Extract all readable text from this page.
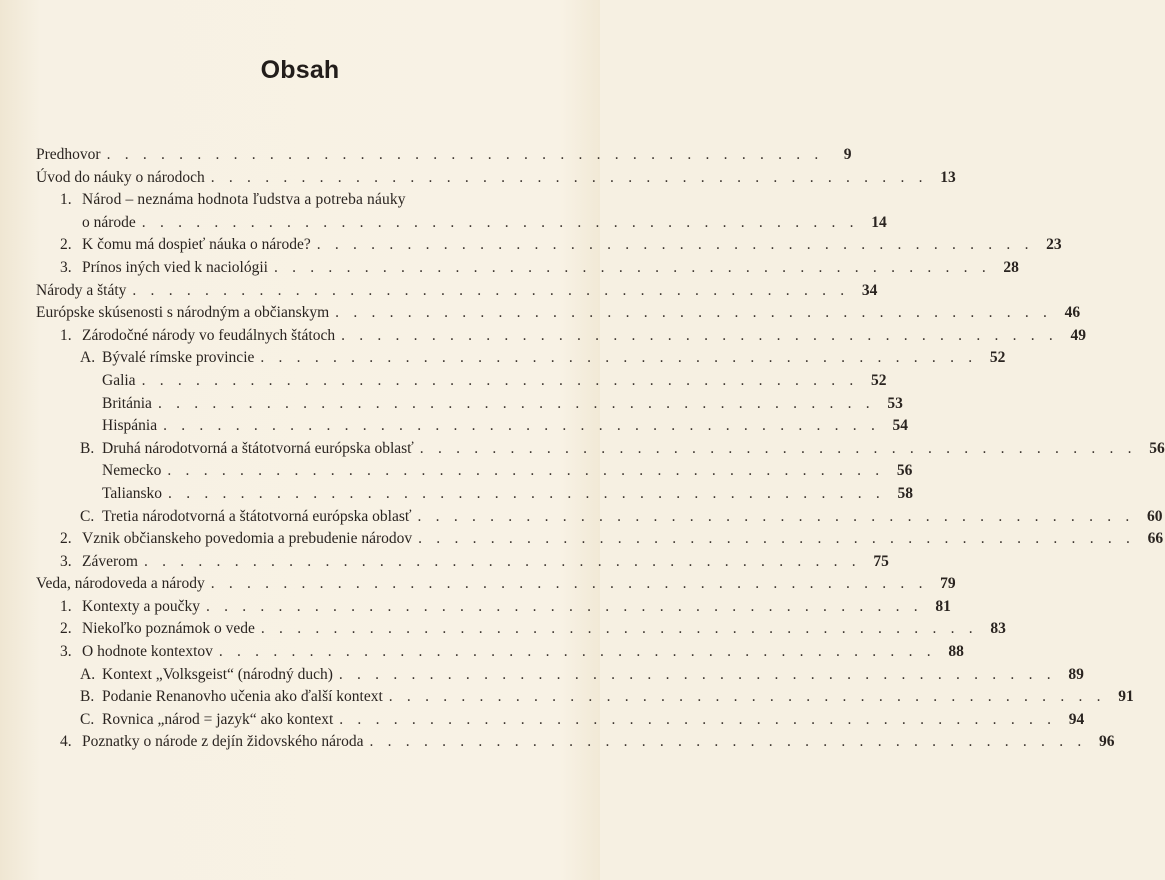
Obsah
Predhovor . . . . . . . . . . . . . . . . . . . . . . . . . . . . . . . . . . . . . . . .	9
Úvod do náuky o národoch . . . . . . . . . . . . . . . . . . . . . . . . . . . . . . . . . . . . . . . . 13
1. Národ – neznáma hodnota ľudstva a potreba náuky
o národe . . . . . . . . . . . . . . . . . . . . . . . . . . . . . . . . . . . . . . . . 14
2. K čomu má dospieť náuka o národe? . . . . . . . . . . . . . . . . . . . . . . . . . . . . . . . . . . . . . . . . 23
3. Prínos iných vied k naciológii . . . . . . . . . . . . . . . . . . . . . . . . . . . . . . . . . . . . . . . . 28
Národy a štáty . . . . . . . . . . . . . . . . . . . . . . . . . . . . . . . . . . . . . . . . 34
Európske skúsenosti s národným a občianskym . . . . . . . . . . . . . . . . . . . . . . . . . . . . . . . . . . . . . . . . 46
1. Zárodočné národy vo feudálnych štátoch . . . . . . . . . . . . . . . . . . . . . . . . . . . . . . . . . . . . . . . . 49
A. Bývalé rímske provincie . . . . . . . . . . . . . . . . . . . . . . . . . . . . . . . . . . . . . . . . 52
Galia . . . . . . . . . . . . . . . . . . . . . . . . . . . . . . . . . . . . . . . . 52
Británia . . . . . . . . . . . . . . . . . . . . . . . . . . . . . . . . . . . . . . . . 53
Hispánia . . . . . . . . . . . . . . . . . . . . . . . . . . . . . . . . . . . . . . . . 54
B. Druhá národotvorná a štátotvorná európska oblasť . . . . . . . . . . . . . . . . . . . . . . . . . . . . . . . . . . . . . . . . 56
Nemecko . . . . . . . . . . . . . . . . . . . . . . . . . . . . . . . . . . . . . . . . 56
Taliansko . . . . . . . . . . . . . . . . . . . . . . . . . . . . . . . . . . . . . . . . 58
C. Tretia národotvorná a štátotvorná európska oblasť . . . . . . . . . . . . . . . . . . . . . . . . . . . . . . . . . . . . . . . . 60
2. Vznik občianskeho povedomia a prebudenie národov . . . . . . . . . . . . . . . . . . . . . . . . . . . . . . . . . . . . . . . . 66
3. Záverom . . . . . . . . . . . . . . . . . . . . . . . . . . . . . . . . . . . . . . . . 75
Veda, národoveda a národy . . . . . . . . . . . . . . . . . . . . . . . . . . . . . . . . . . . . . . . . 79
1. Kontexty a poučky . . . . . . . . . . . . . . . . . . . . . . . . . . . . . . . . . . . . . . . . 81
2. Niekoľko poznámok o vede . . . . . . . . . . . . . . . . . . . . . . . . . . . . . . . . . . . . . . . . 83
3. O hodnote kontextov . . . . . . . . . . . . . . . . . . . . . . . . . . . . . . . . . . . . . . . . 88
A. Kontext „Volksgeist“ (národný duch) . . . . . . . . . . . . . . . . . . . . . . . . . . . . . . . . . . . . . . . . 89
B. Podanie Renanovho učenia ako ďalší kontext . . . . . . . . . . . . . . . . . . . . . . . . . . . . . . . . . . . . . . . . 91
C. Rovnica „národ = jazyk“ ako kontext . . . . . . . . . . . . . . . . . . . . . . . . . . . . . . . . . . . . . . . . 94
4. Poznatky o národe z dejín židovského národa . . . . . . . . . . . . . . . . . . . . . . . . . . . . . . . . . . . . . . . . 96
